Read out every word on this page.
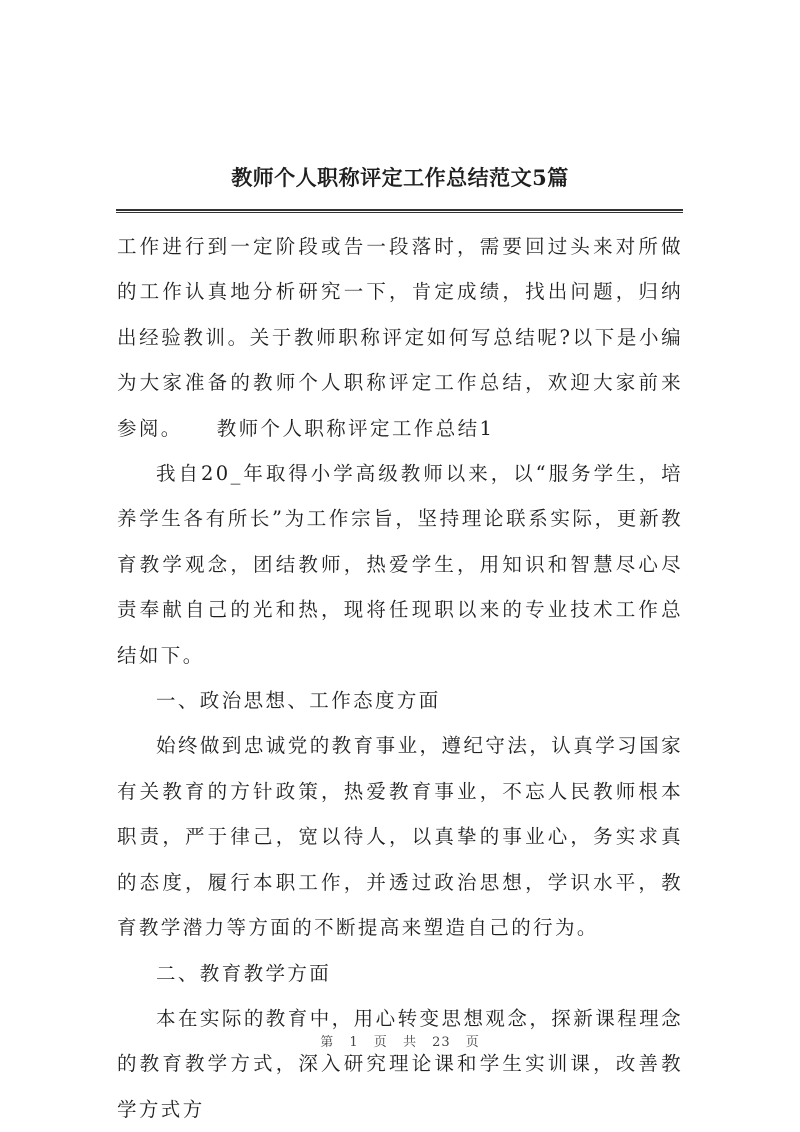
教师个人职称评定工作总结范文5篇

工作进行到一定阶段或告一段落时，需要回过头来对所做的工作认真地分析研究一下，肯定成绩，找出问题，归纳出经验教训。关于教师职称评定如何写总结呢?以下是小编为大家准备的教师个人职称评定工作总结，欢迎大家前来参阅。　　教师个人职称评定工作总结1

我自20_年取得小学高级教师以来，以“服务学生，培养学生各有所长”为工作宗旨，坚持理论联系实际，更新教育教学观念，团结教师，热爱学生，用知识和智慧尽心尽责奉献自己的光和热，现将任现职以来的专业技术工作总结如下。

一、政治思想、工作态度方面

始终做到忠诚党的教育事业，遵纪守法，认真学习国家有关教育的方针政策，热爱教育事业，不忘人民教师根本职责，严于律己，宽以待人，以真挚的事业心，务实求真的态度，履行本职工作，并透过政治思想，学识水平，教育教学潜力等方面的不断提高来塑造自己的行为。

二、教育教学方面

本在实际的教育中，用心转变思想观念，探新课程理念的教育教学方式，深入研究理论课和学生实训课，改善教学方式方

第 1 页 共 23 页
